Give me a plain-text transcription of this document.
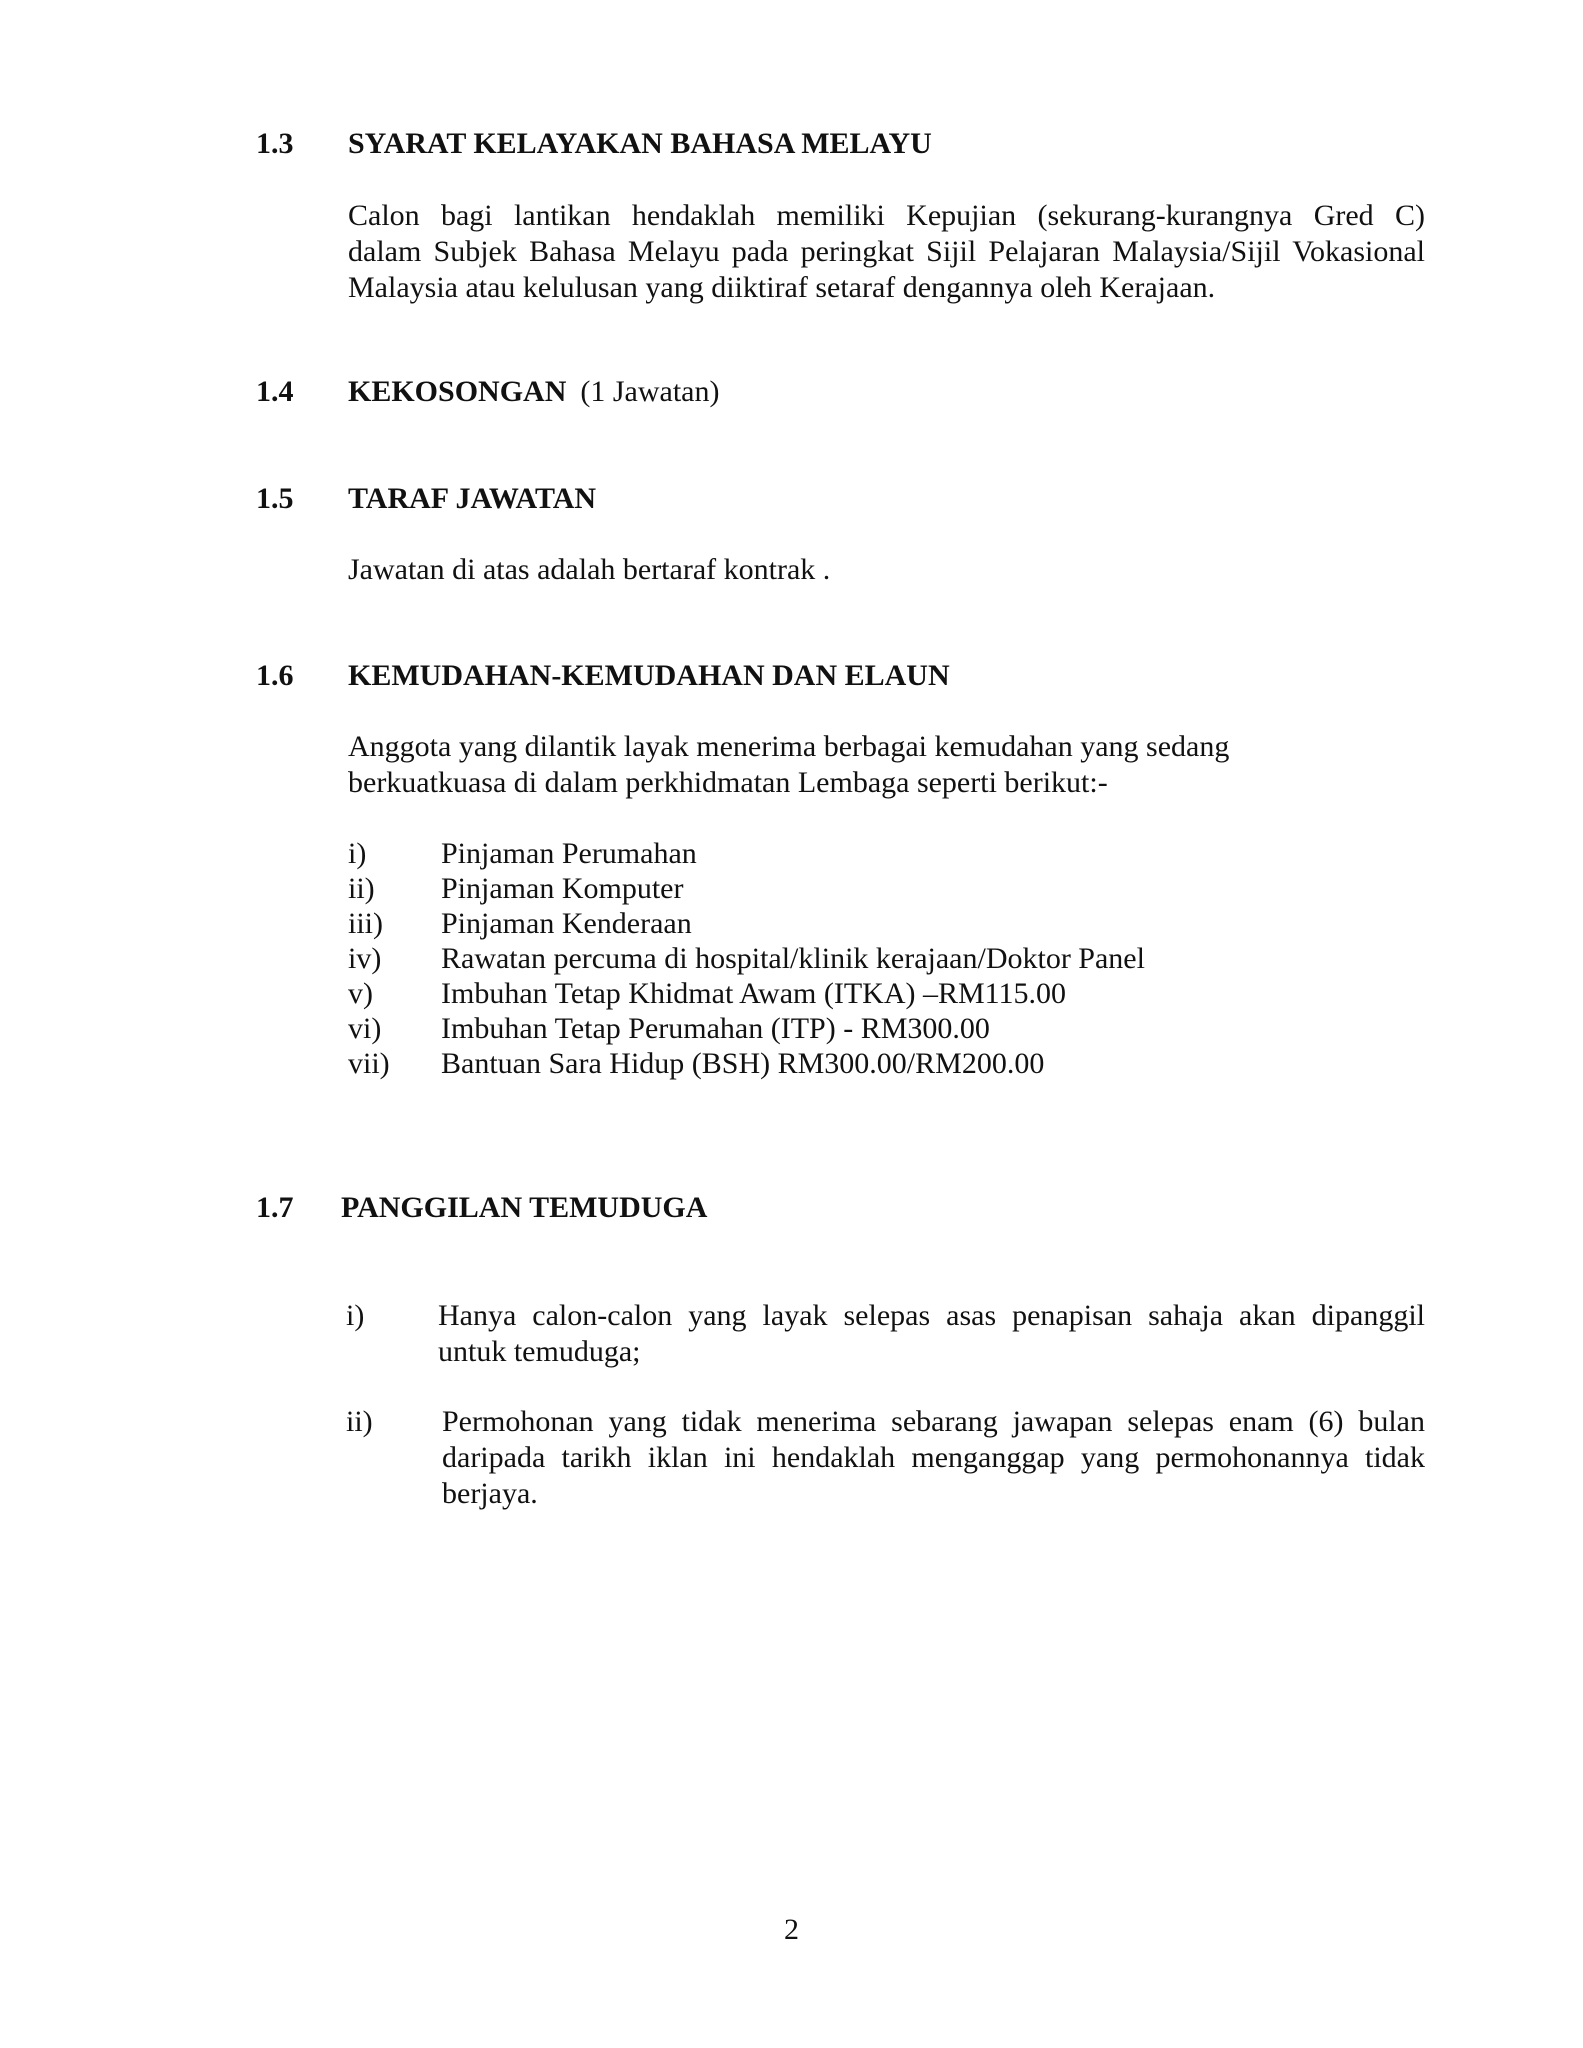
1.3 SYARAT KELAYAKAN BAHASA MELAYU
Calon bagi lantikan hendaklah memiliki Kepujian (sekurang-kurangnya Gred C)
dalam Subjek Bahasa Melayu pada peringkat Sijil Pelajaran Malaysia/Sijil Vokasional
Malaysia atau kelulusan yang diiktiraf setaraf dengannya oleh Kerajaan.
1.4 KEKOSONGAN (1 Jawatan)
1.5 TARAF JAWATAN
Jawatan di atas adalah bertaraf kontrak .
1.6 KEMUDAHAN-KEMUDAHAN DAN ELAUN
Anggota yang dilantik layak menerima berbagai kemudahan yang sedang
berkuatkuasa di dalam perkhidmatan Lembaga seperti berikut:-
i) Pinjaman Perumahan
ii) Pinjaman Komputer
iii) Pinjaman Kenderaan
iv) Rawatan percuma di hospital/klinik kerajaan/Doktor Panel
v) Imbuhan Tetap Khidmat Awam (ITKA) –RM115.00
vi) Imbuhan Tetap Perumahan (ITP) - RM300.00
vii) Bantuan Sara Hidup (BSH) RM300.00/RM200.00
1.7 PANGGILAN TEMUDUGA
i) Hanya calon-calon yang layak selepas asas penapisan sahaja akan dipanggil
untuk temuduga;
ii) Permohonan yang tidak menerima sebarang jawapan selepas enam (6) bulan
daripada tarikh iklan ini hendaklah menganggap yang permohonannya tidak
berjaya.
2
